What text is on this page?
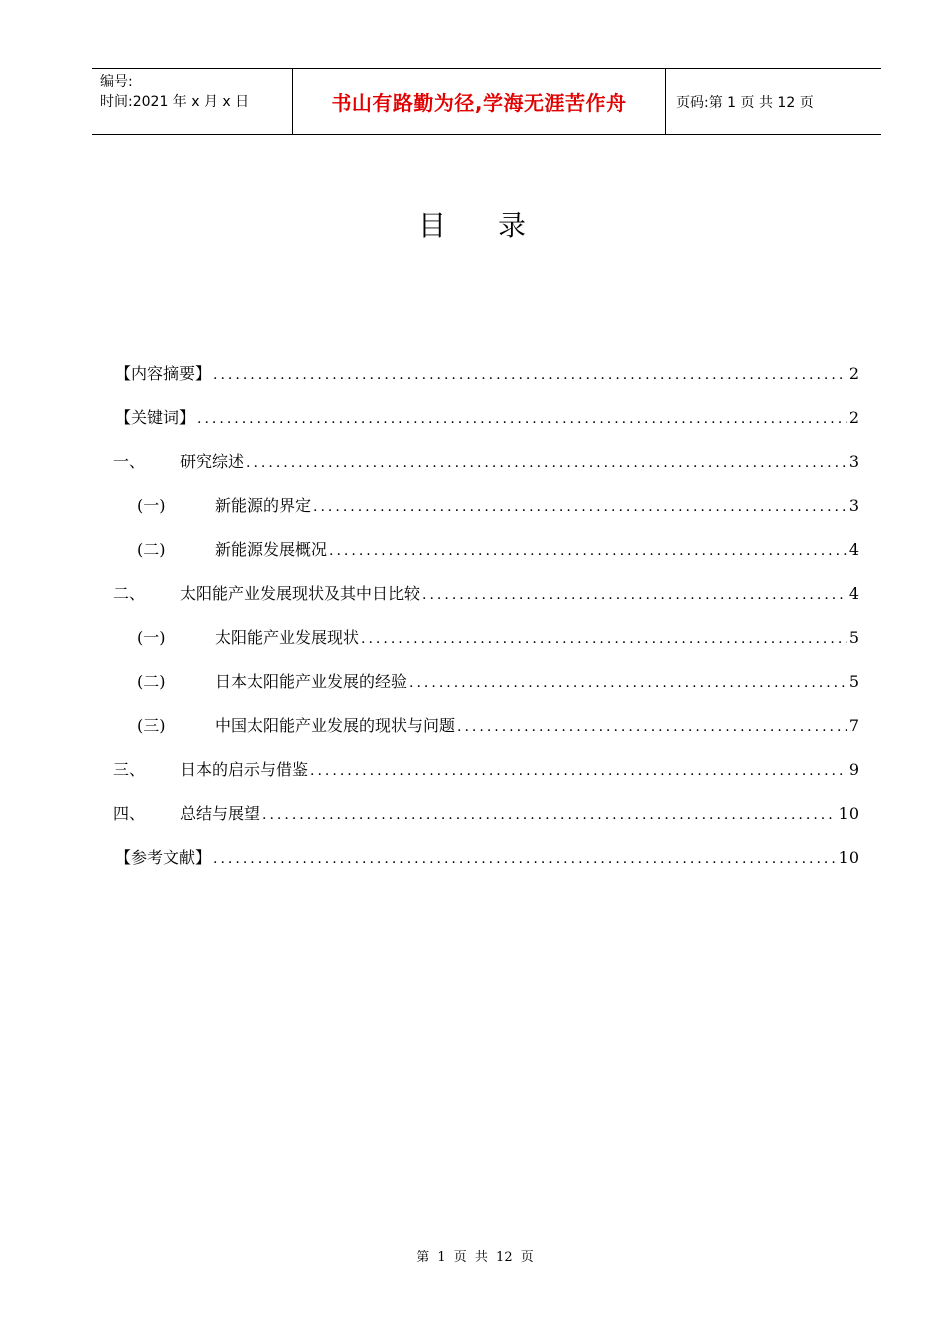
编号:
时间:2021 年 x 月 x 日	书山有路勤为径,学海无涯苦作舟	页码:第 1 页 共 12 页
目录
【内容摘要】 .....	2
【关键词】 .....	2
一、	研究综述 .....	3
(一)	新能源的界定 .....	3
(二)	新能源发展概况 .....	4
二、	太阳能产业发展现状及其中日比较 .....	4
(一)	太阳能产业发展现状 .....	5
(二)	日本太阳能产业发展的经验 .....	5
(三)	中国太阳能产业发展的现状与问题 .....	7
三、	日本的启示与借鉴 .....	9
四、	总结与展望 .....	10
【参考文献】 .....	10
第 1 页 共 12 页
